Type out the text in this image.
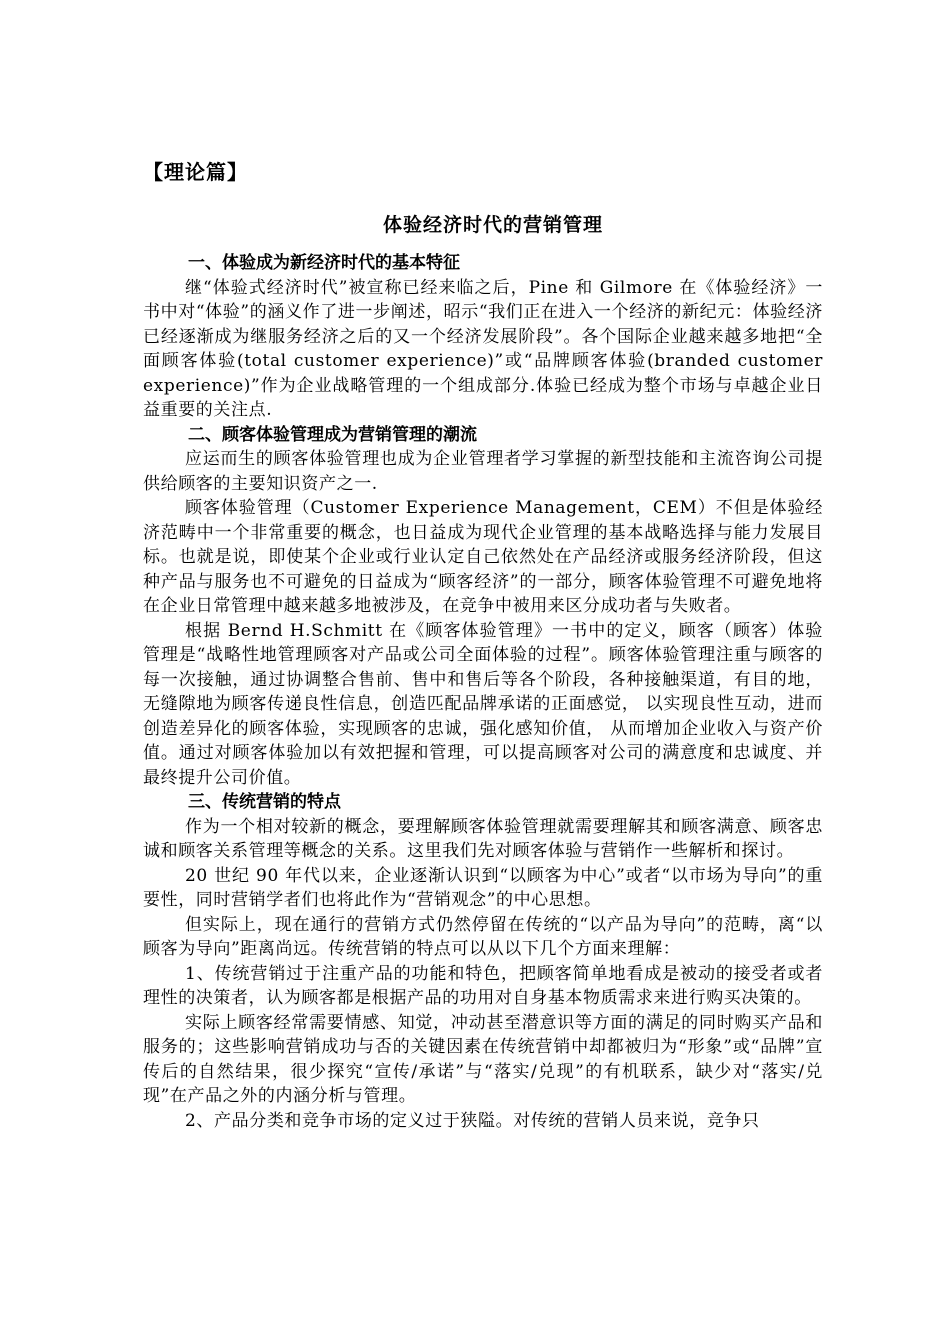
【理论篇】
体验经济时代的营销管理
一、体验成为新经济时代的基本特征

继“体验式经济时代”被宣称已经来临之后，Pine 和 Gilmore 在《体验经济》一书中对“体验”的涵义作了进一步阐述，昭示“我们正在进入一个经济的新纪元：体验经济已经逐渐成为继服务经济之后的又一个经济发展阶段”。各个国际企业越来越多地把“全面顾客体验(total customer experience)”或“品牌顾客体验(branded customer experience)”作为企业战略管理的一个组成部分.体验已经成为整个市场与卓越企业日益重要的关注点.

二、顾客体验管理成为营销管理的潮流

应运而生的顾客体验管理也成为企业管理者学习掌握的新型技能和主流咨询公司提供给顾客的主要知识资产之一.

顾客体验管理（Customer Experience Management，CEM）不但是体验经济范畴中一个非常重要的概念，也日益成为现代企业管理的基本战略选择与能力发展目标。也就是说，即使某个企业或行业认定自己依然处在产品经济或服务经济阶段，但这种产品与服务也不可避免的日益成为“顾客经济”的一部分，顾客体验管理不可避免地将在企业日常管理中越来越多地被涉及，在竞争中被用来区分成功者与失败者。

根据 Bernd H.Schmitt 在《顾客体验管理》一书中的定义，顾客（顾客）体验管理是“战略性地管理顾客对产品或公司全面体验的过程”。顾客体验管理注重与顾客的每一次接触，通过协调整合售前、售中和售后等各个阶段，各种接触渠道，有目的地，无缝隙地为顾客传递良性信息，创造匹配品牌承诺的正面感觉， 以实现良性互动，进而创造差异化的顾客体验，实现顾客的忠诚，强化感知价值， 从而增加企业收入与资产价值。通过对顾客体验加以有效把握和管理，可以提高顾客对公司的满意度和忠诚度、并最终提升公司价值。

三、传统营销的特点

作为一个相对较新的概念，要理解顾客体验管理就需要理解其和顾客满意、顾客忠诚和顾客关系管理等概念的关系。这里我们先对顾客体验与营销作一些解析和探讨。

20 世纪 90 年代以来，企业逐渐认识到“以顾客为中心”或者“以市场为导向”的重要性，同时营销学者们也将此作为“营销观念”的中心思想。

但实际上，现在通行的营销方式仍然停留在传统的“以产品为导向”的范畴，离“以顾客为导向”距离尚远。传统营销的特点可以从以下几个方面来理解：

1、传统营销过于注重产品的功能和特色，把顾客简单地看成是被动的接受者或者理性的决策者，认为顾客都是根据产品的功用对自身基本物质需求来进行购买决策的。

实际上顾客经常需要情感、知觉，冲动甚至潜意识等方面的满足的同时购买产品和服务的；这些影响营销成功与否的关键因素在传统营销中却都被归为“形象”或“品牌”宣传后的自然结果，很少探究“宣传/承诺”与“落实/兑现”的有机联系，缺少对“落实/兑现”在产品之外的内涵分析与管理。

2、产品分类和竞争市场的定义过于狭隘。对传统的营销人员来说，竞争只
